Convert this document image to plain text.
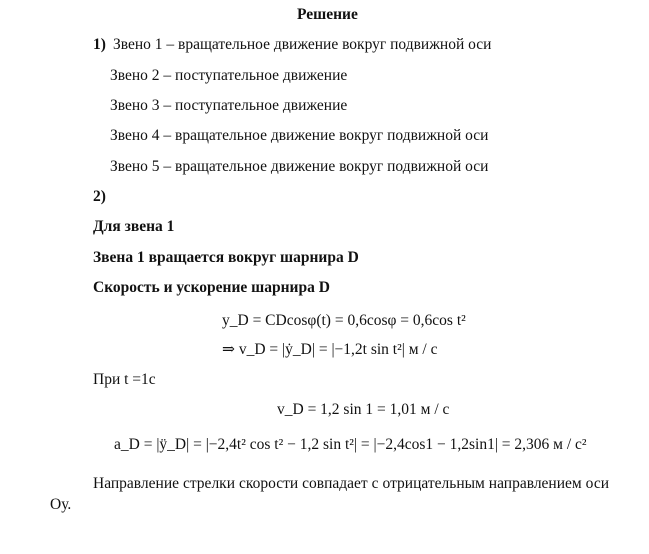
Решение
1) Звено 1 – вращательное движение вокруг подвижной оси
Звено 2 – поступательное движение
Звено 3 – поступательное движение
Звено 4 – вращательное движение вокруг подвижной оси
Звено 5 – вращательное движение вокруг подвижной оси
2)
Для звена 1
Звена 1 вращается вокруг шарнира D
Скорость и ускорение шарнира D
y_D = CDcosφ(t) = 0,6cosφ = 0,6cos t²
⇒ v_D = |ẏ_D| = |−1,2t sin t²| м / с
При t =1с
v_D = 1,2 sin 1 = 1,01 м / с
a_D = |ÿ_D| = |−2,4t² cos t² − 1,2 sin t²| = |−2,4cos1 − 1,2sin1| = 2,306 м / с²
Направление стрелки скорости совпадает с отрицательным направлением оси Оу.
